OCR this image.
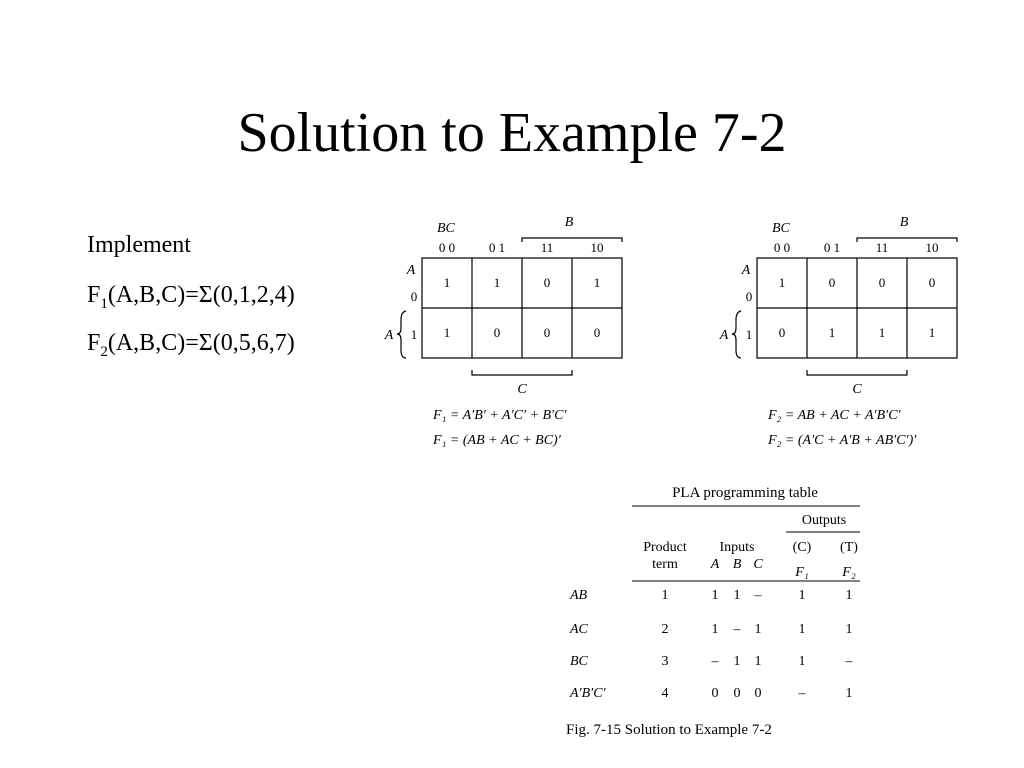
Solution to Example 7-2
Implement
$F_1(A,B,C)=\Sigma(0,1,2,4)$
$F_2(A,B,C)=\Sigma(0,5,6,7)$
BC	B
0 0	0 1	11	10
A
0
1
A
1	1	0	1
1	0	0	0
C
F₁ = A′B′ + A′C′ + B′C′
F₁ = (AB + AC + BC)′
BC	B
0 0	0 1	11	10
A
0
1
A
1	0	0	0
0	1	1	1
C
F₂ = AB + AC + A′B′C′
F₂ = (A′C + A′B + AB′C′)′
PLA programming table
Outputs
Product
term
Inputs
A B C
(C) (T)
F₁ F₂
AB	1	1 1 –	1	1
AC	2	1 – 1	1	1
BC	3	– 1 1	1	–
A′B′C′	4	0 0 0	–	1
Fig. 7-15 Solution to Example 7-2
